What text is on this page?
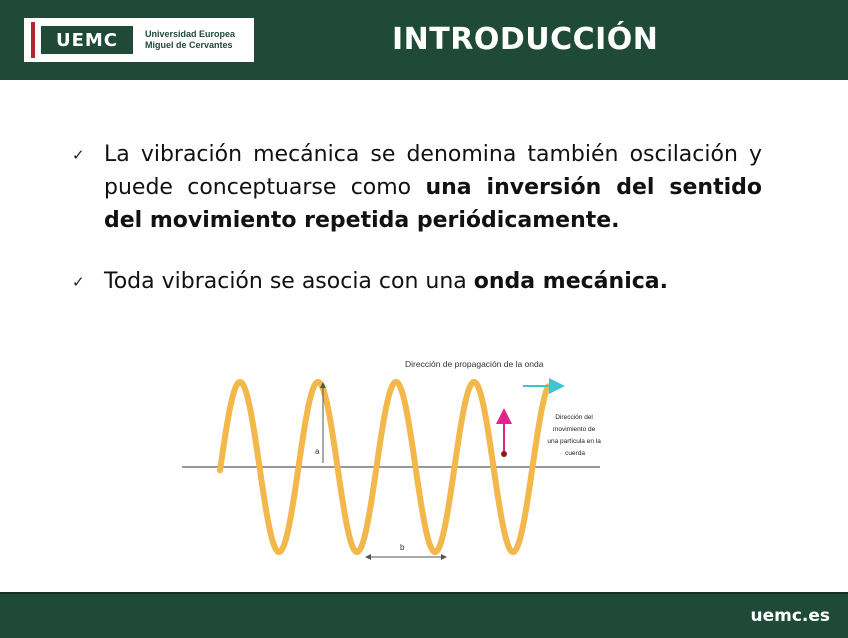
UEMC	Universidad Europea
Miguel de Cervantes	INTRODUCCIÓN
✓ La vibración mecánica se denomina también oscilación y puede conceptuarse como una inversión del sentido del movimiento repetida periódicamente.
✓ Toda vibración se asocia con una onda mecánica.
a
b
Dirección de propagación de la onda
Dirección del movimiento de una partícula en la cuerda
uemc.es
